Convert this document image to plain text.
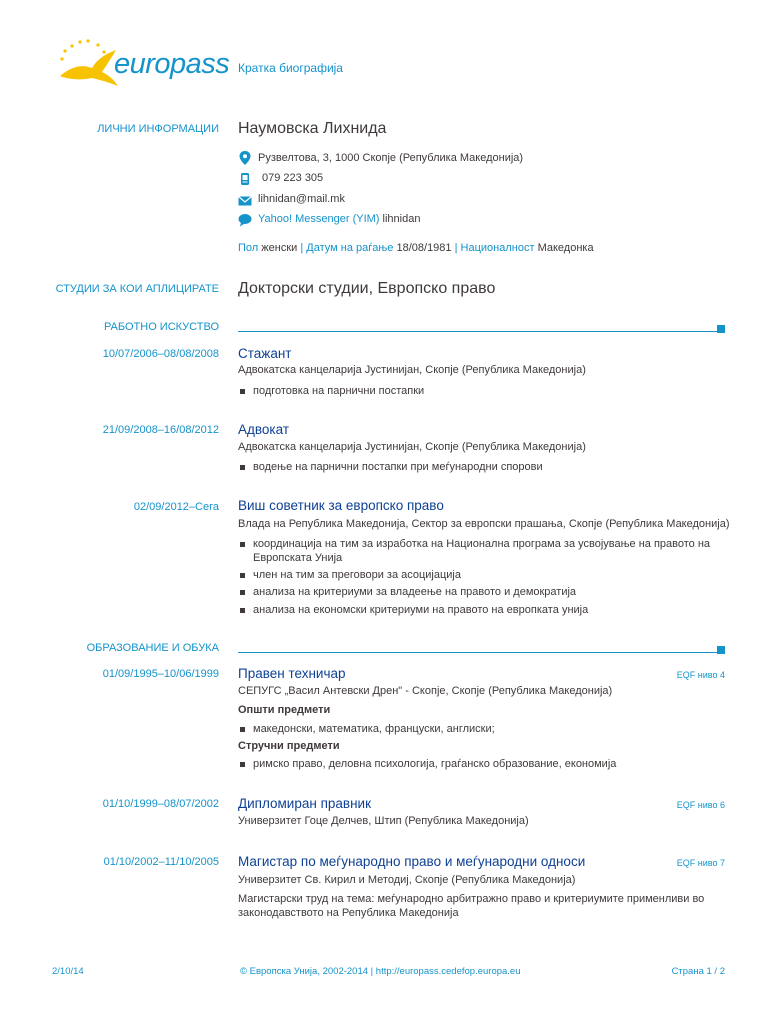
europass Кратка биографија
ЛИЧНИ ИНФОРМАЦИИ Наумовска Лихнида
Рузвелтова, 3, 1000 Скопје (Република Македонија)
079 223 305
lihnidan@mail.mk
Yahoo! Messenger (YIM) lihnidan
Пол женски | Датум на раѓање 18/08/1981 | Националност Македонка
СТУДИИ ЗА КОИ АПЛИЦИРАТЕ Докторски студии, Европско право
РАБОТНО ИСКУСТВО
10/07/2006–08/08/2008 Стажант
Адвокатска канцеларија Јустинијан, Скопје (Република Македонија)
подготовка на парнични постапки
21/09/2008–16/08/2012 Адвокат
Адвокатска канцеларија Јустинијан, Скопје (Република Македонија)
водење на парнични постапки при меѓународни спорови
02/09/2012–Сега Виш советник за европско право
Влада на Република Македонија, Сектор за европски прашања, Скопје (Република Македонија)
координација на тим за изработка на Национална програма за усвојување на правото на
Европската Унија
член на тим за преговори за асоцијација
анализа на критериуми за владеење на правото и демократија
анализа на економски критериуми на правото на европкатa унија
ОБРАЗОВАНИЕ И ОБУКА
01/09/1995–10/06/1999 Правен техничар	EQF ниво 4
СЕПУГС „Васил Антевски Дрен" - Скопје, Скопје (Република Македонија)
Општи предмети
македонски, математика, француски, англиски;
Стручни предмети
римско право, деловна психологија, граѓанско образование, економија
01/10/1999–08/07/2002 Дипломиран правник	EQF ниво 6
Универзитет Гоце Делчев, Штип (Република Македонија)
01/10/2002–11/10/2005 Магистар по меѓународно право и меѓународни односи	EQF ниво 7
Универзитет Св. Кирил и Методиј, Скопје (Република Македонија)
Магистарски труд на тема: меѓународно арбитражно право и критериумите применливи во
законодавството на Република Македонија
2/10/14	© Европска Унија, 2002-2014 | http://europass.cedefop.europa.eu	Страна 1 / 2
